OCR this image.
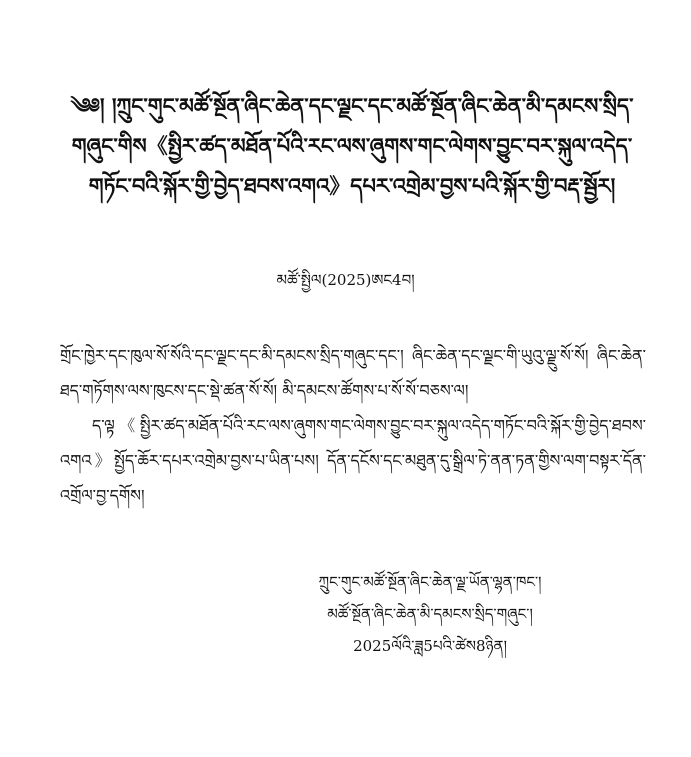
༄༅། །ཀྲུང་གུང་མཚོ་སྔོན་ཞིང་ཆེན་དང་ལྗང་དང་མཚོ་སྔོན་ཞིང་ཆེན་མི་དམངས་སྲིད་གཞུང་གིས《སྤྱིར་ཚད་མཐོན་པོའི་རང་ལས་ཞུགས་གང་ལེགས་བྱུང་བར་སྐུལ་འདེད་གཏོང་བའི་སྐོར་གྱི་བྱེད་ཐབས་འགའ》དཔར་འགྲེམ་བྱས་པའི་སྐོར་གྱི་བརྡ་སྦྱོར།
མཚོ་སྤྱིལ(2025)ཨང4བ།

གྲོང་ཁྱེར་དང་ཁུལ་སོ་སོའི་དང་ལྗང་དང་མི་དམངས་སྲིད་གཞུང་དང་། ཞིང་ཆེན་དང་ལྗང་གི་ཡུའུ་ལྗུ་སོ་སོ། ཞིང་ཆེན་ཐད་གཏོགས་ལས་ཁུངས་དང་སྡེ་ཚན་སོ་སོ། མི་དམངས་ཚོགས་པ་སོ་སོ་བཅས་ལ།

ད་ལྟ《སྤྱིར་ཚད་མཐོན་པོའི་རང་ལས་ཞུགས་གང་ལེགས་བྱུང་བར་སྐུལ་འདེད་གཏོང་བའི་སྐོར་གྱི་བྱེད་ཐབས་འགའ》སྤྱོད་ཆོར་དཔར་འགྲེམ་བྱས་པ་ཡིན་པས། དོན་དངོས་དང་མཐུན་དུ་སྒྲིལ་ཏེ་ནན་ཏན་གྱིས་ལག་བསྟར་དོན་འགྲོལ་བྱ་དགོས།

ཀྲུང་གུང་མཚོ་སྔོན་ཞིང་ཆེན་ལྗ་ཡོན་ལྷན་ཁང་།
མཚོ་སྔོན་ཞིང་ཆེན་མི་དམངས་སྲིད་གཞུང་།
2025ལོའི་ཟླ5པའི་ཚེས8ཉིན།
